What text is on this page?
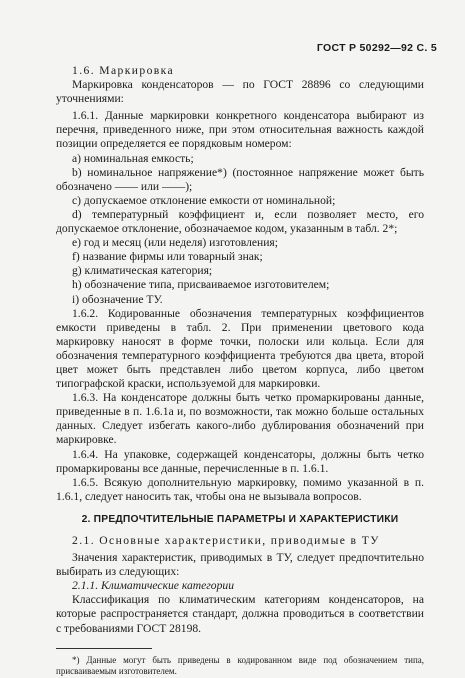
ГОСТ Р 50292—92 С. 5

1.6. Маркировка

Маркировка конденсаторов — по ГОСТ 28896 со следующими уточнениями:

1.6.1. Данные маркировки конкретного конденсатора выбирают из перечня, приведенного ниже, при этом относительная важность каждой позиции определяется ее порядковым номером:

a) номинальная емкость;

b) номинальное напряжение*) (постоянное напряжение может быть обозначено —— или ——);

c) допускаемое отклонение емкости от номинальной;

d) температурный коэффициент и, если позволяет место, его допускаемое отклонение, обозначаемое кодом, указанным в табл. 2*;

e) год и месяц (или неделя) изготовления;

f) название фирмы или товарный знак;

g) климатическая категория;

h) обозначение типа, присваиваемое изготовителем;

i) обозначение ТУ.

1.6.2. Кодированные обозначения температурных коэффициентов емкости приведены в табл. 2. При применении цветового кода маркировку наносят в форме точки, полоски или кольца. Если для обозначения температурного коэффициента требуются два цвета, второй цвет может быть представлен либо цветом корпуса, либо цветом типографской краски, используемой для маркировки.

1.6.3. На конденсаторе должны быть четко промаркированы данные, приведенные в п. 1.6.1а и, по возможности, так можно больше остальных данных. Следует избегать какого-либо дублирования обозначений при маркировке.

1.6.4. На упаковке, содержащей конденсаторы, должны быть четко промаркированы все данные, перечисленные в п. 1.6.1.

1.6.5. Всякую дополнительную маркировку, помимо указанной в п. 1.6.1, следует наносить так, чтобы она не вызывала вопросов.

2. ПРЕДПОЧТИТЕЛЬНЫЕ ПАРАМЕТРЫ И ХАРАКТЕРИСТИКИ

2.1. Основные характеристики, приводимые в ТУ

Значения характеристик, приводимых в ТУ, следует предпочтительно выбирать из следующих:

2.1.1. Климатические категории

Классификация по климатическим категориям конденсаторов, на которые распространяется стандарт, должна проводиться в соответствии с требованиями ГОСТ 28198.

*) Данные могут быть приведены в кодированном виде под обозначением типа, присваиваемым изготовителем.
